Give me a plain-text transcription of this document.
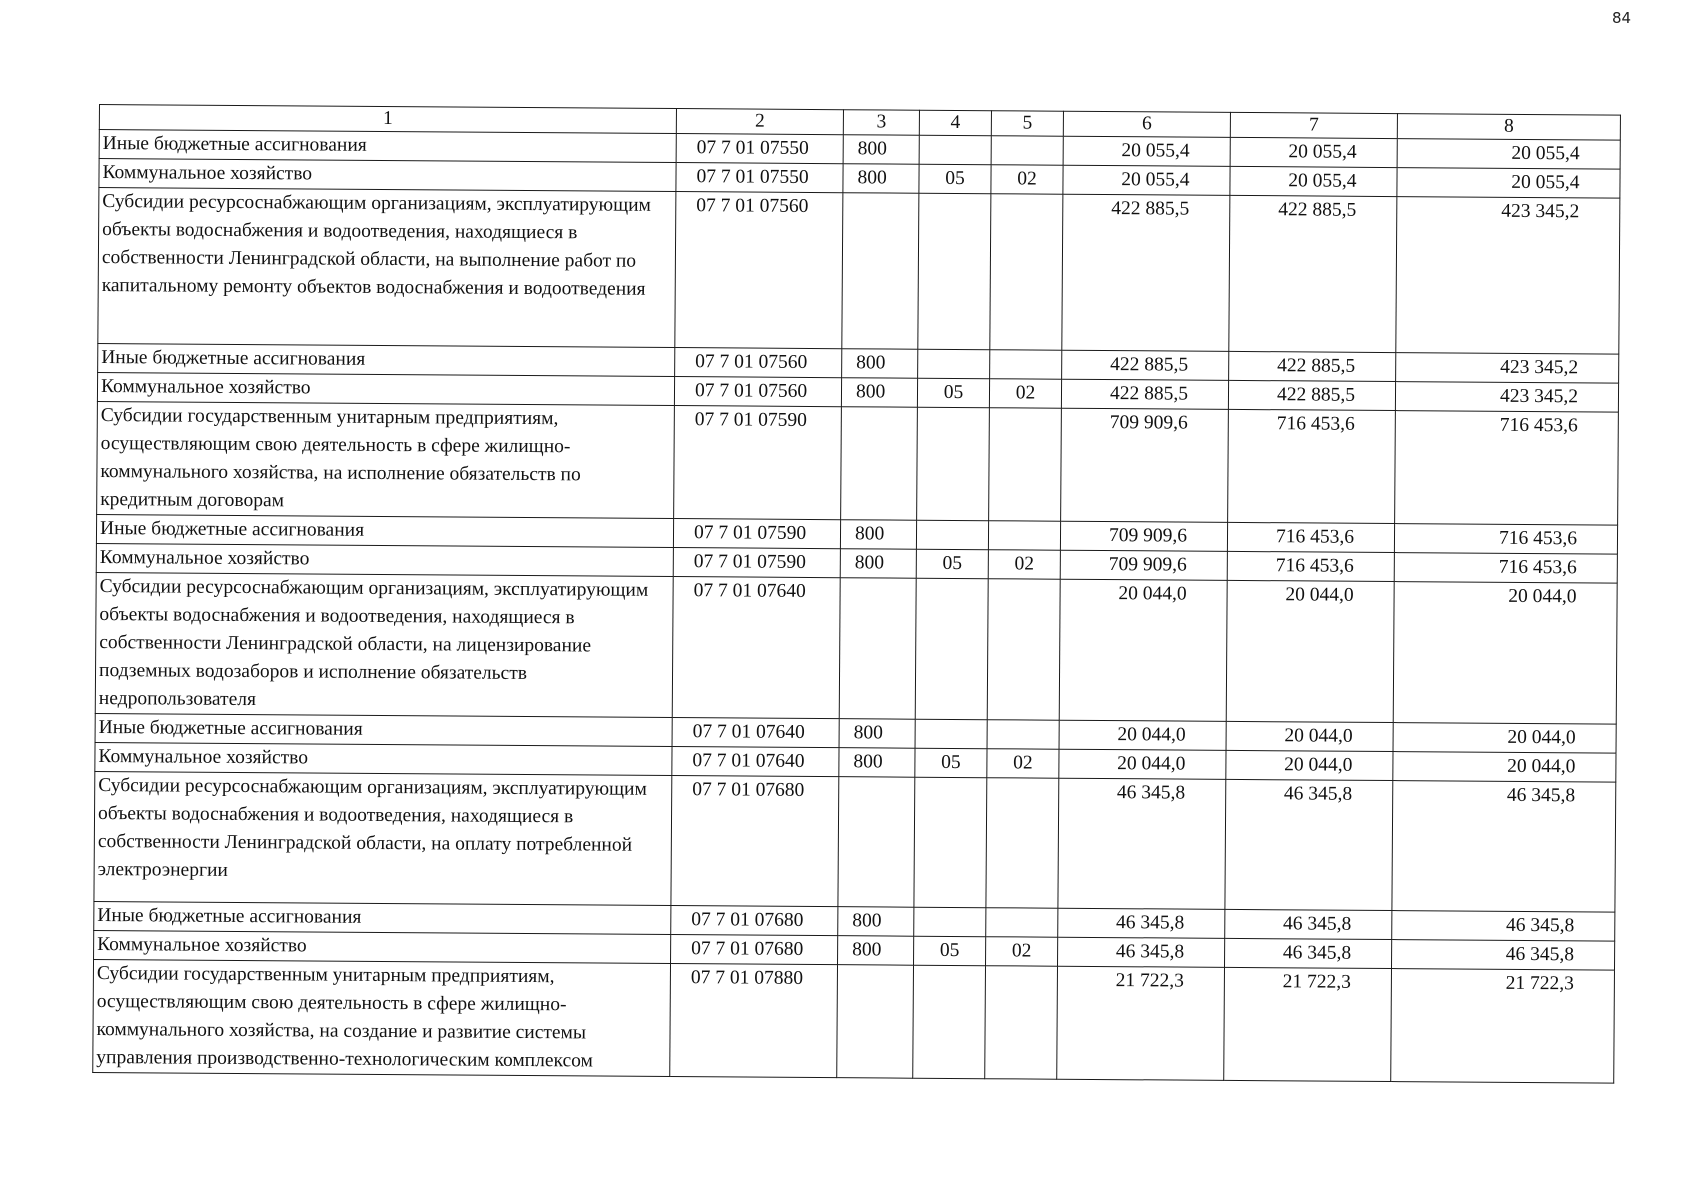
84
1	2	3	4	5	6	7	8
Иные бюджетные ассигнования	07 7 01 07550	800			20 055,4	20 055,4	20 055,4
Коммунальное хозяйство	07 7 01 07550	800	05	02	20 055,4	20 055,4	20 055,4
Субсидии ресурсоснабжающим организациям, эксплуатирующим объекты водоснабжения и водоотведения, находящиеся в собственности Ленинградской области, на выполнение работ по капитальному ремонту объектов водоснабжения и водоотведения	07 7 01 07560				422 885,5	422 885,5	423 345,2
Иные бюджетные ассигнования	07 7 01 07560	800			422 885,5	422 885,5	423 345,2
Коммунальное хозяйство	07 7 01 07560	800	05	02	422 885,5	422 885,5	423 345,2
Субсидии государственным унитарным предприятиям, осуществляющим свою деятельность в сфере жилищно-коммунального хозяйства, на исполнение обязательств по кредитным договорам	07 7 01 07590				709 909,6	716 453,6	716 453,6
Иные бюджетные ассигнования	07 7 01 07590	800			709 909,6	716 453,6	716 453,6
Коммунальное хозяйство	07 7 01 07590	800	05	02	709 909,6	716 453,6	716 453,6
Субсидии ресурсоснабжающим организациям, эксплуатирующим объекты водоснабжения и водоотведения, находящиеся в собственности Ленинградской области, на лицензирование подземных водозаборов и исполнение обязательств недропользователя	07 7 01 07640				20 044,0	20 044,0	20 044,0
Иные бюджетные ассигнования	07 7 01 07640	800			20 044,0	20 044,0	20 044,0
Коммунальное хозяйство	07 7 01 07640	800	05	02	20 044,0	20 044,0	20 044,0
Субсидии ресурсоснабжающим организациям, эксплуатирующим объекты водоснабжения и водоотведения, находящиеся в собственности Ленинградской области, на оплату потребленной электроэнергии	07 7 01 07680				46 345,8	46 345,8	46 345,8
Иные бюджетные ассигнования	07 7 01 07680	800			46 345,8	46 345,8	46 345,8
Коммунальное хозяйство	07 7 01 07680	800	05	02	46 345,8	46 345,8	46 345,8
Субсидии государственным унитарным предприятиям, осуществляющим свою деятельность в сфере жилищно-коммунального хозяйства, на создание и развитие системы управления производственно-технологическим комплексом	07 7 01 07880				21 722,3	21 722,3	21 722,3
